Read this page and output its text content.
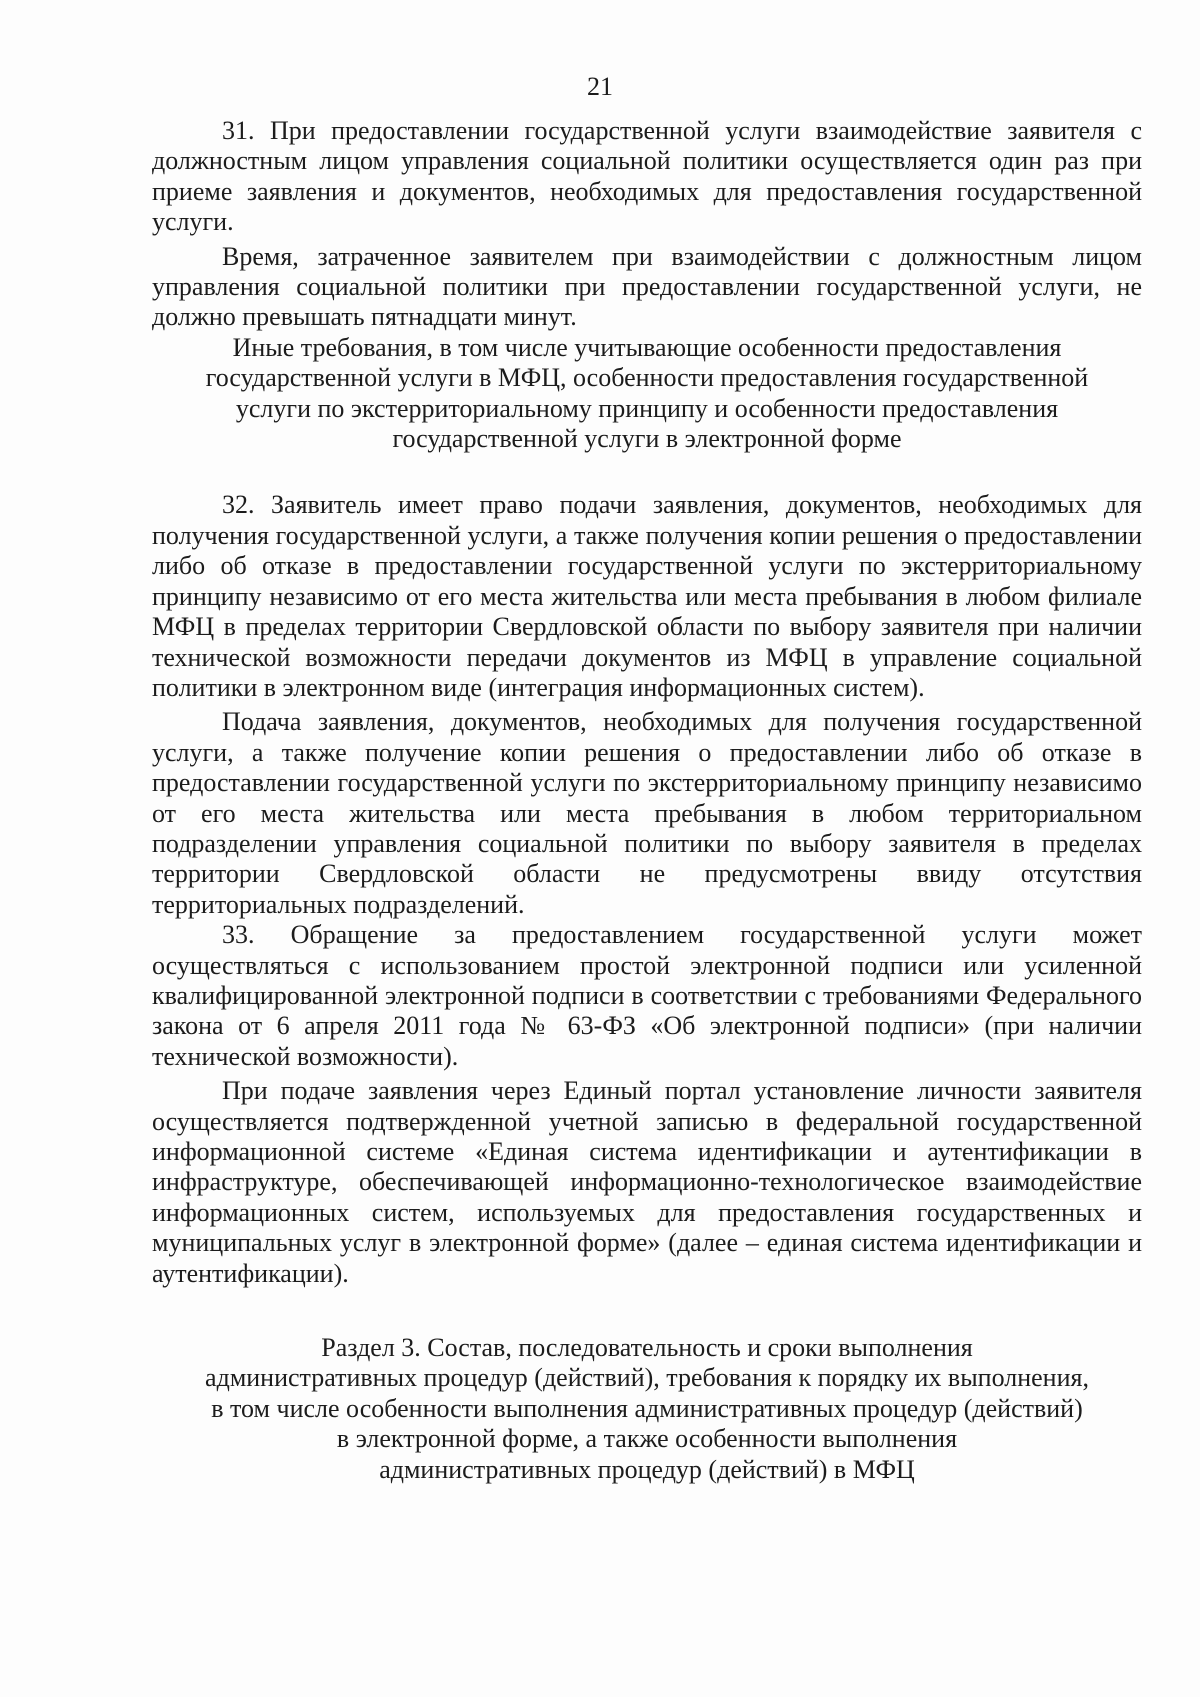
21

31. При предоставлении государственной услуги взаимодействие заявителя с должностным лицом управления социальной политики осуществляется один раз при приеме заявления и документов, необходимых для предоставления государственной услуги.

Время, затраченное заявителем при взаимодействии с должностным лицом управления социальной политики при предоставлении государственной услуги, не должно превышать пятнадцати минут.

Иные требования, в том числе учитывающие особенности предоставления
государственной услуги в МФЦ, особенности предоставления государственной
услуги по экстерриториальному принципу и особенности предоставления
государственной услуги в электронной форме

32. Заявитель имеет право подачи заявления, документов, необходимых для получения государственной услуги, а также получения копии решения о предоставлении либо об отказе в предоставлении государственной услуги по экстерриториальному принципу независимо от его места жительства или места пребывания в любом филиале МФЦ в пределах территории Свердловской области по выбору заявителя при наличии технической возможности передачи документов из МФЦ в управление социальной политики в электронном виде (интеграция информационных систем).

Подача заявления, документов, необходимых для получения государственной услуги, а также получение копии решения о предоставлении либо об отказе в предоставлении государственной услуги по экстерриториальному принципу независимо от его места жительства или места пребывания в любом территориальном подразделении управления социальной политики по выбору заявителя в пределах территории Свердловской области не предусмотрены ввиду отсутствия территориальных подразделений.

33. Обращение за предоставлением государственной услуги может осуществляться с использованием простой электронной подписи или усиленной квалифицированной электронной подписи в соответствии с требованиями Федерального закона от 6 апреля 2011 года № 63-ФЗ «Об электронной подписи» (при наличии технической возможности).

При подаче заявления через Единый портал установление личности заявителя осуществляется подтвержденной учетной записью в федеральной государственной информационной системе «Единая система идентификации и аутентификации в инфраструктуре, обеспечивающей информационно-технологическое взаимодействие информационных систем, используемых для предоставления государственных и муниципальных услуг в электронной форме» (далее – единая система идентификации и аутентификации).

Раздел 3. Состав, последовательность и сроки выполнения
административных процедур (действий), требования к порядку их выполнения,
в том числе особенности выполнения административных процедур (действий)
в электронной форме, а также особенности выполнения
административных процедур (действий) в МФЦ
